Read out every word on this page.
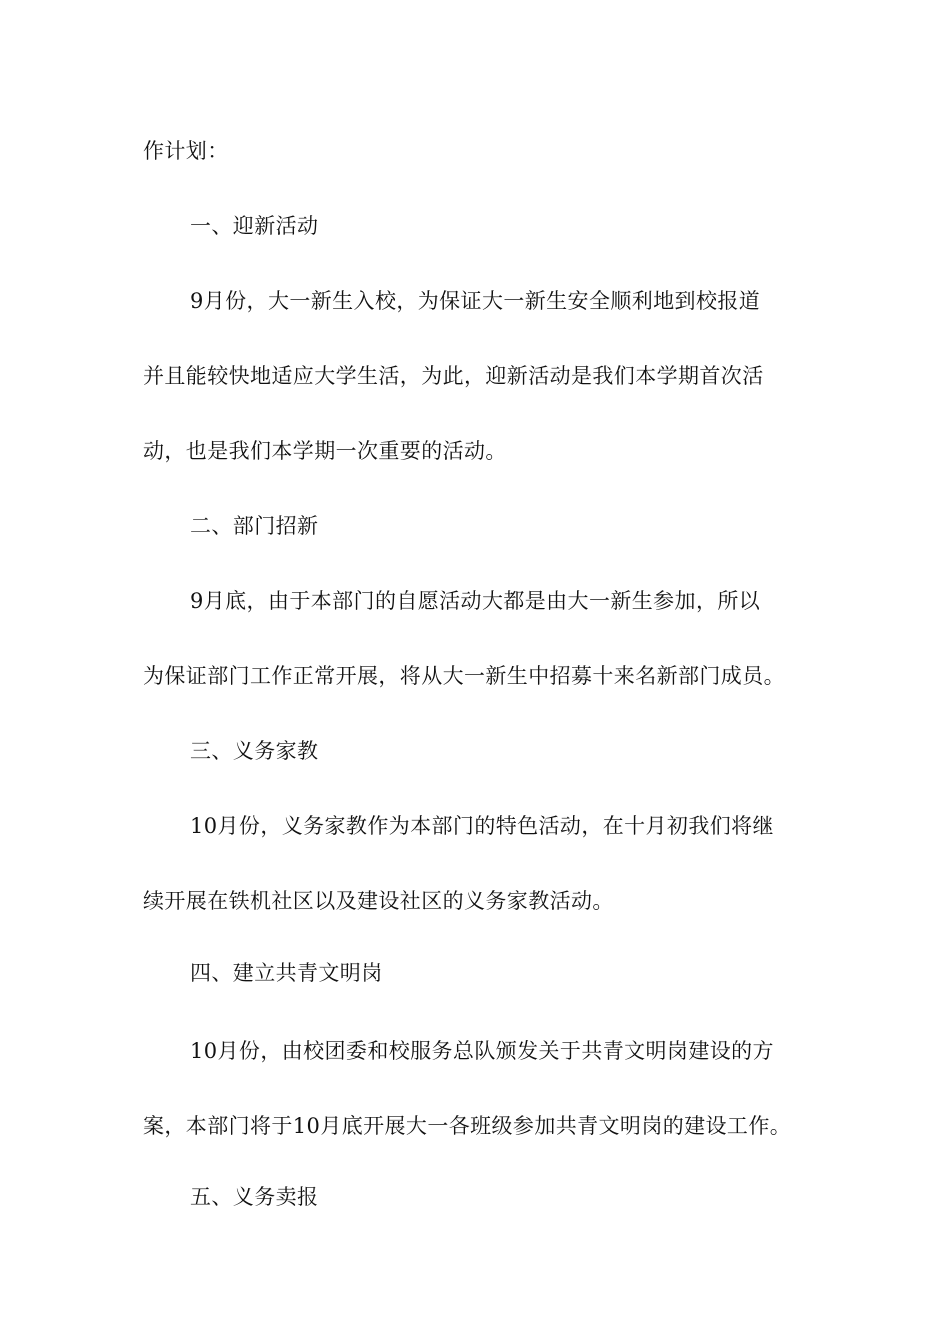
作计划：
一、迎新活动
9月份，大一新生入校，为保证大一新生安全顺利地到校报道
并且能较快地适应大学生活，为此，迎新活动是我们本学期首次活
动，也是我们本学期一次重要的活动。
二、部门招新
9月底，由于本部门的自愿活动大都是由大一新生参加，所以
为保证部门工作正常开展，将从大一新生中招募十来名新部门成员。
三、义务家教
10月份，义务家教作为本部门的特色活动，在十月初我们将继
续开展在铁机社区以及建设社区的义务家教活动。
四、建立共青文明岗
10月份，由校团委和校服务总队颁发关于共青文明岗建设的方
案，本部门将于10月底开展大一各班级参加共青文明岗的建设工作。
五、义务卖报
